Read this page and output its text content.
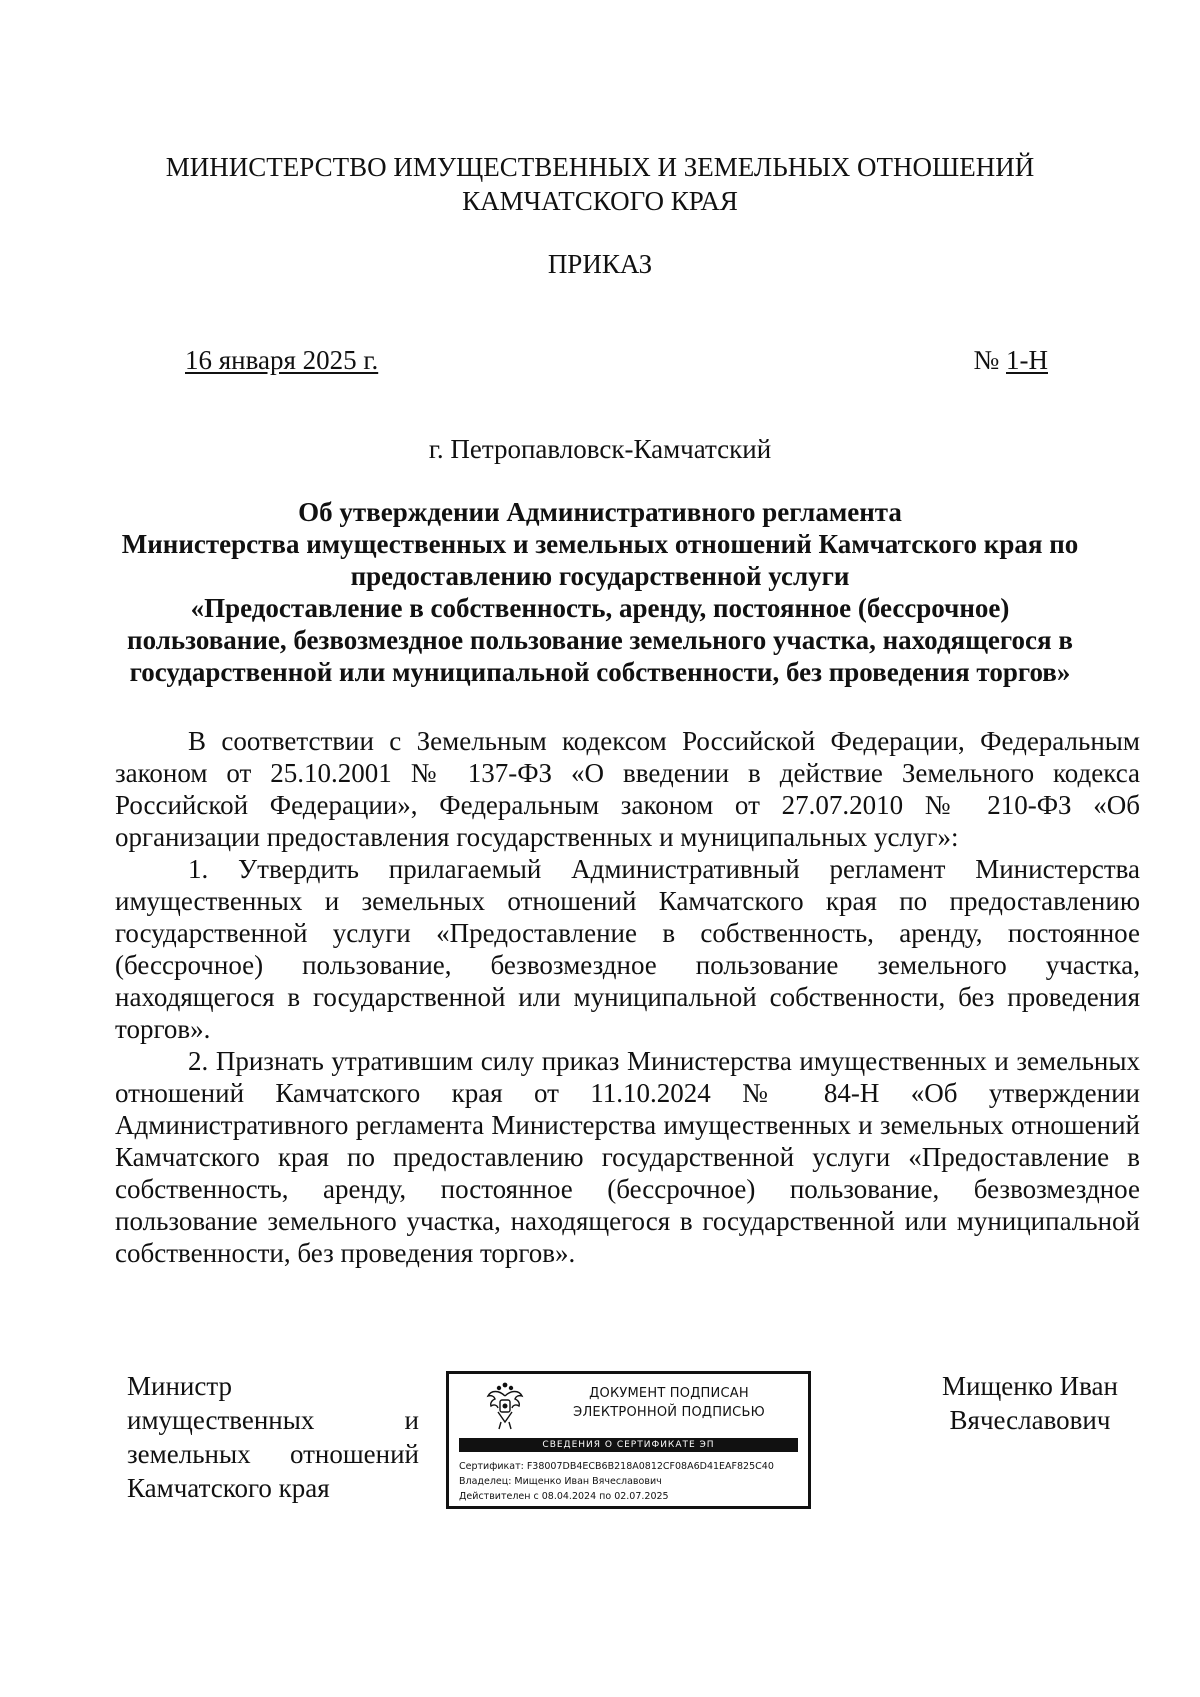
МИНИСТЕРСТВО ИМУЩЕСТВЕННЫХ И ЗЕМЕЛЬНЫХ ОТНОШЕНИЙ
КАМЧАТСКОГО КРАЯ
ПРИКАЗ
16 января 2025 г.	№ 1-Н
г. Петропавловск-Камчатский
Об утверждении Административного регламента
Министерства имущественных и земельных отношений Камчатского края по
предоставлению государственной услуги
«Предоставление в собственность, аренду, постоянное (бессрочное)
пользование, безвозмездное пользование земельного участка, находящегося в
государственной или муниципальной собственности, без проведения торгов»

В соответствии с Земельным кодексом Российской Федерации, Федеральным законом от 25.10.2001 № 137-ФЗ «О введении в действие Земельного кодекса Российской Федерации», Федеральным законом от 27.07.2010 № 210-ФЗ «Об организации предоставления государственных и муниципальных услуг»:

1. Утвердить прилагаемый Административный регламент Министерства имущественных и земельных отношений Камчатского края по предоставлению государственной услуги «Предоставление в собственность, аренду, постоянное (бессрочное) пользование, безвозмездное пользование земельного участка, находящегося в государственной или муниципальной собственности, без проведения торгов».

2. Признать утратившим силу приказ Министерства имущественных и земельных отношений Камчатского края от 11.10.2024 № 84-Н «Об утверждении Административного регламента Министерства имущественных и земельных отношений Камчатского края по предоставлению государственной услуги «Предоставление в собственность, аренду, постоянное (бессрочное) пользование, безвозмездное пользование земельного участка, находящегося в государственной или муниципальной собственности, без проведения торгов».

Министр
имущественных и
земельных отношений
Камчатского края
ДОКУМЕНТ ПОДПИСАН
ЭЛЕКТРОННОЙ ПОДПИСЬЮ
СВЕДЕНИЯ О СЕРТИФИКАТЕ ЭП
Сертификат: F38007DB4ECB6B218A0812CF08A6D41EAF825C40
Владелец: Мищенко Иван Вячеславович
Действителен с 08.04.2024 по 02.07.2025
Мищенко Иван
Вячеславович
